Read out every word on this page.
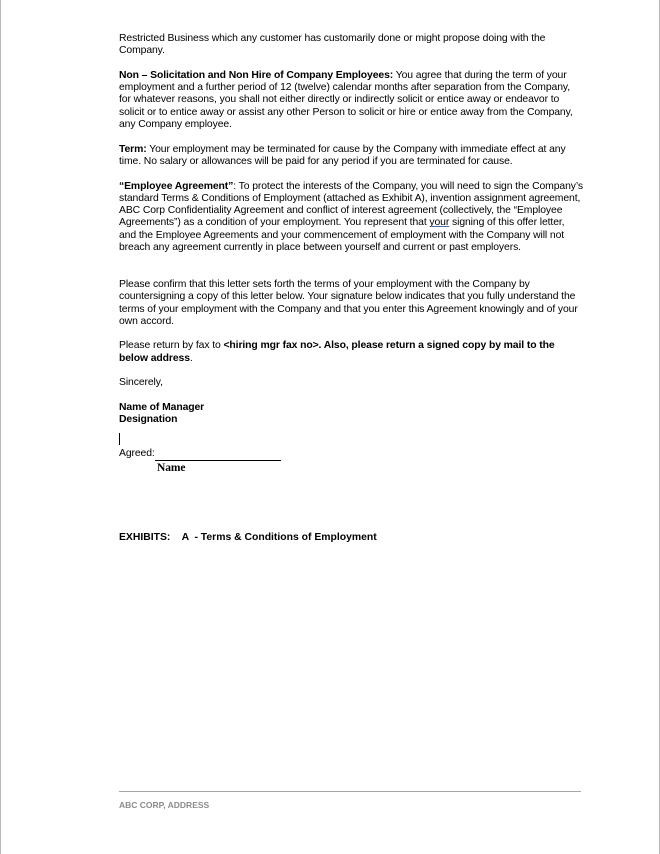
Restricted Business which any customer has customarily done or might propose doing with the Company.

Non – Solicitation and Non Hire of Company Employees: You agree that during the term of your employment and a further period of 12 (twelve) calendar months after separation from the Company, for whatever reasons, you shall not either directly or indirectly solicit or entice away or endeavor to solicit or to entice away or assist any other Person to solicit or hire or entice away from the Company, any Company employee.

Term: Your employment may be terminated for cause by the Company with immediate effect at any time. No salary or allowances will be paid for any period if you are terminated for cause.

“Employee Agreement”: To protect the interests of the Company, you will need to sign the Company’s standard Terms & Conditions of Employment (attached as Exhibit A), invention assignment agreement, ABC Corp Confidentiality Agreement and conflict of interest agreement (collectively, the “Employee Agreements”) as a condition of your employment. You represent that your signing of this offer letter, and the Employee Agreements and your commencement of employment with the Company will not breach any agreement currently in place between yourself and current or past employers.

Please confirm that this letter sets forth the terms of your employment with the Company by countersigning a copy of this letter below. Your signature below indicates that you fully understand the terms of your employment with the Company and that you enter this Agreement knowingly and of your own accord.

Please return by fax to <hiring mgr fax no>. Also, please return a signed copy by mail to the below address.

Sincerely,

Name of Manager
Designation
Agreed:
Name
EXHIBITS: A  - Terms & Conditions of Employment
ABC CORP, ADDRESS
